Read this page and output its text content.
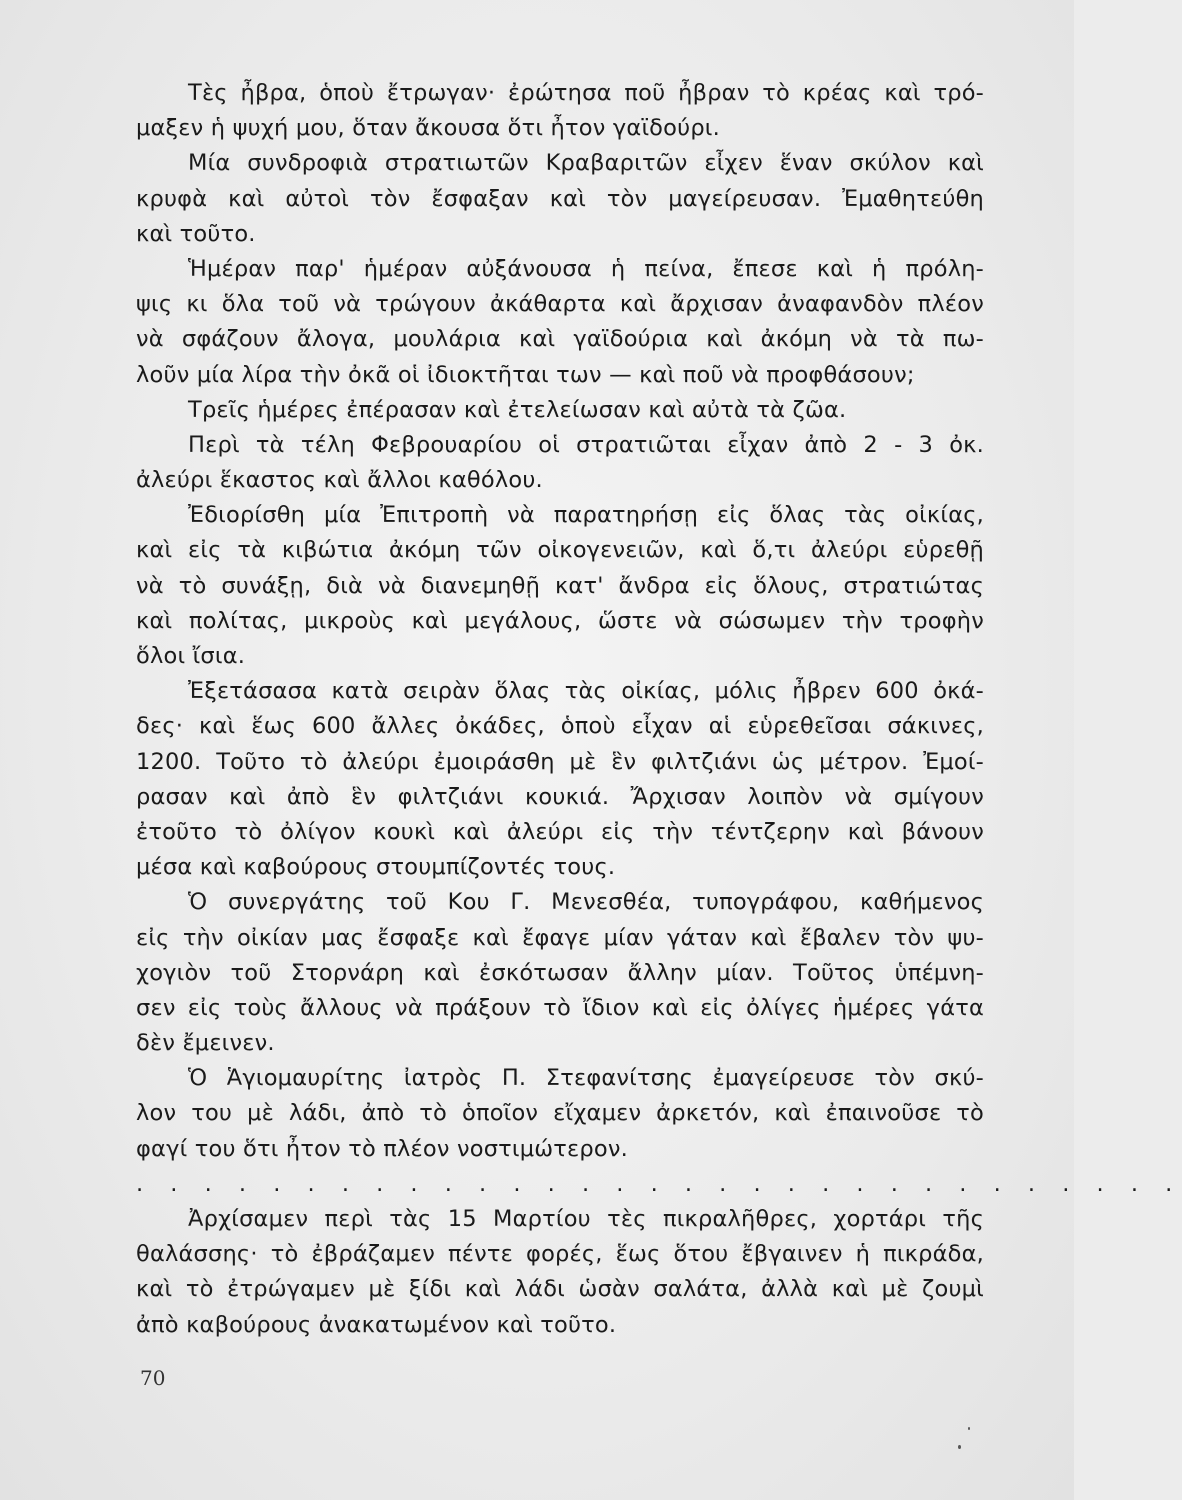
Τὲς ἦβρα, ὁποὺ ἔτρωγαν· ἐρώτησα ποῦ ἦβραν τὸ κρέας καὶ τρό-
μαξεν ἡ ψυχή μου, ὅταν ἄκουσα ὅτι ἦτον γαϊδούρι.
Μία συνδροφιὰ στρατιωτῶν Κραβαριτῶν εἶχεν ἕναν σκύλον καὶ
κρυφὰ καὶ αὐτοὶ τὸν ἔσφαξαν καὶ τὸν μαγείρευσαν. Ἐμαθητεύθη
καὶ τοῦτο.
Ἡμέραν παρ' ἡμέραν αὐξάνουσα ἡ πείνα, ἔπεσε καὶ ἡ πρόλη-
ψις κι ὅλα τοῦ νὰ τρώγουν ἀκάθαρτα καὶ ἄρχισαν ἀναφανδὸν πλέον
νὰ σφάζουν ἄλογα, μουλάρια καὶ γαϊδούρια καὶ ἀκόμη νὰ τὰ πω-
λοῦν μία λίρα τὴν ὀκᾶ οἱ ἰδιοκτῆται των — καὶ ποῦ νὰ προφθάσουν;
Τρεῖς ἡμέρες ἐπέρασαν καὶ ἐτελείωσαν καὶ αὐτὰ τὰ ζῶα.
Περὶ τὰ τέλη Φεβρουαρίου οἱ στρατιῶται εἶχαν ἀπὸ 2 - 3 ὀκ.
ἀλεύρι ἕκαστος καὶ ἄλλοι καθόλου.
Ἐδιορίσθη μία Ἐπιτροπὴ νὰ παρατηρήσῃ εἰς ὅλας τὰς οἰκίας,
καὶ εἰς τὰ κιβώτια ἀκόμη τῶν οἰκογενειῶν, καὶ ὅ,τι ἀλεύρι εὑρεθῇ
νὰ τὸ συνάξῃ, διὰ νὰ διανεμηθῇ κατ' ἄνδρα εἰς ὅλους, στρατιώτας
καὶ πολίτας, μικροὺς καὶ μεγάλους, ὥστε νὰ σώσωμεν τὴν τροφὴν
ὅλοι ἴσια.
Ἐξετάσασα κατὰ σειρὰν ὅλας τὰς οἰκίας, μόλις ἦβρεν 600 ὀκά-
δες· καὶ ἕως 600 ἄλλες ὀκάδες, ὁποὺ εἶχαν αἱ εὑρεθεῖσαι σάκινες,
1200. Τοῦτο τὸ ἀλεύρι ἐμοιράσθη μὲ ἓν φιλτζιάνι ὡς μέτρον. Ἐμοί-
ρασαν καὶ ἀπὸ ἓν φιλτζιάνι κουκιά. Ἄρχισαν λοιπὸν νὰ σμίγουν
ἐτοῦτο τὸ ὀλίγον κουκὶ καὶ ἀλεύρι εἰς τὴν τέντζερην καὶ βάνουν
μέσα καὶ καβούρους στουμπίζοντές τους.
Ὁ συνεργάτης τοῦ Κου Γ. Μενεσθέα, τυπογράφου, καθήμενος
εἰς τὴν οἰκίαν μας ἔσφαξε καὶ ἔφαγε μίαν γάταν καὶ ἔβαλεν τὸν ψυ-
χογιὸν τοῦ Στορνάρη καὶ ἐσκότωσαν ἄλλην μίαν. Τοῦτος ὑπέμνη-
σεν εἰς τοὺς ἄλλους νὰ πράξουν τὸ ἴδιον καὶ εἰς ὀλίγες ἡμέρες γάτα
δὲν ἔμεινεν.
Ὁ Ἁγιομαυρίτης ἰατρὸς Π. Στεφανίτσης ἐμαγείρευσε τὸν σκύ-
λον του μὲ λάδι, ἀπὸ τὸ ὁποῖον εἴχαμεν ἀρκετόν, καὶ ἐπαινοῦσε τὸ
φαγί του ὅτι ἦτον τὸ πλέον νοστιμώτερον.
. . . . . . . . . . . . . . . . . . . . . . . . . . . . . . .
Ἀρχίσαμεν περὶ τὰς 15 Μαρτίου τὲς πικραλῆθρες, χορτάρι τῆς
θαλάσσης· τὸ ἐβράζαμεν πέντε φορές, ἕως ὅτου ἔβγαινεν ἡ πικράδα,
καὶ τὸ ἐτρώγαμεν μὲ ξίδι καὶ λάδι ὡσὰν σαλάτα, ἀλλὰ καὶ μὲ ζουμὶ
ἀπὸ καβούρους ἀνακατωμένον καὶ τοῦτο.
70
